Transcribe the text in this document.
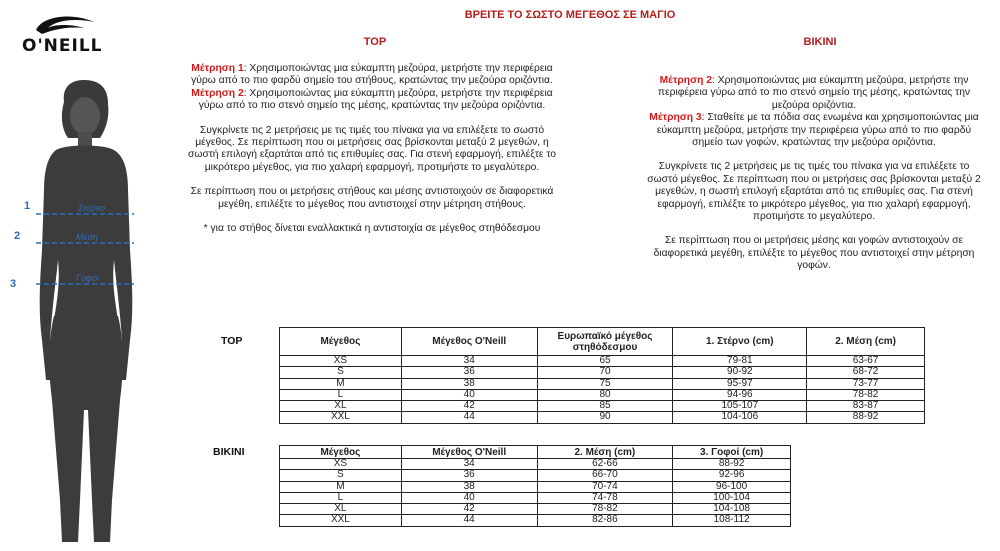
O'NEILL
1	Στέρνο
2	Μέση
3	Γοφοί
ΒΡΕΙΤΕ ΤΟ ΣΩΣΤΟ ΜΕΓΕΘΟΣ ΣΕ ΜΑΓΙΟ
TOP

Μέτρηση 1: Χρησιμοποιώντας μια εύκαμπτη μεζούρα, μετρήστε την περιφέρεια γύρω από το πιο φαρδύ σημείο του στήθους, κρατώντας την μεζούρα οριζόντια.

Μέτρηση 2: Χρησιμοποιώντας μια εύκαμπτη μεζούρα, μετρήστε την περιφέρεια γύρω από το πιο στενό σημείο της μέσης, κρατώντας την μεζούρα οριζόντια.

Συγκρίνετε τις 2 μετρήσεις με τις τιμές του πίνακα για να επιλέξετε το σωστό μέγεθος. Σε περίπτωση που οι μετρήσεις σας βρίσκονται μεταξύ 2 μεγεθών, η σωστή επιλογή εξαρτάται από τις επιθυμίες σας. Για στενή εφαρμογή, επιλέξτε το μικρότερο μέγεθος, για πιο χαλαρή εφαρμογή, προτιμήστε το μεγαλύτερο.

Σε περίπτωση που οι μετρήσεις στήθους και μέσης αντιστοιχούν σε διαφορετικά μεγέθη, επιλέξτε το μέγεθος που αντιστοιχεί στην μέτρηση στήθους.

* για το στήθος δίνεται εναλλακτικά η αντιστοιχία σε μέγεθος στηθόδεσμου

BIKINI

Μέτρηση 2: Χρησιμοποιώντας μια εύκαμπτη μεζούρα, μετρήστε την περιφέρεια γύρω από το πιο στενό σημείο της μέσης, κρατώντας την μεζούρα οριζόντια.

Μέτρηση 3: Σταθείτε με τα πόδια σας ενωμένα και χρησιμοποιώντας μια εύκαμπτη μεζούρα, μετρήστε την περιφέρεια γύρω από το πιο φαρδύ σημείο των γοφών, κρατώντας την μεζούρα οριζόντια.

Συγκρίνετε τις 2 μετρήσεις με τις τιμές του πίνακα για να επιλέξετε το σωστό μέγεθος. Σε περίπτωση που οι μετρήσεις σας βρίσκονται μεταξύ 2 μεγεθών, η σωστή επιλογή εξαρτάται από τις επιθυμίες σας. Για στενή εφαρμογή, επιλέξτε το μικρότερο μέγεθος, για πιο χαλαρή εφαρμογή, προτιμήστε το μεγαλύτερο.

Σε περίπτωση που οι μετρήσεις μέσης και γοφών αντιστοιχούν σε διαφορετικά μεγέθη, επιλέξτε το μέγεθος που αντιστοιχεί στην μέτρηση γοφών.

TOP	Μέγεθος	Μέγεθος O'Neill	Ευρωπαϊκό μέγεθος στηθόδεσμου	1. Στέρνο (cm)	2. Μέση (cm)
XS	34	65	79-81	63-67
S	36	70	90-92	68-72
M	38	75	95-97	73-77
L	40	80	94-96	78-82
XL	42	85	105-107	83-87
XXL	44	90	104-106	88-92
BIKINI	Μέγεθος	Μέγεθος O'Neill	2. Μέση (cm)	3. Γοφοί (cm)
XS	34	62-66	88-92
S	36	66-70	92-96
M	38	70-74	96-100
L	40	74-78	100-104
XL	42	78-82	104-108
XXL	44	82-86	108-112
